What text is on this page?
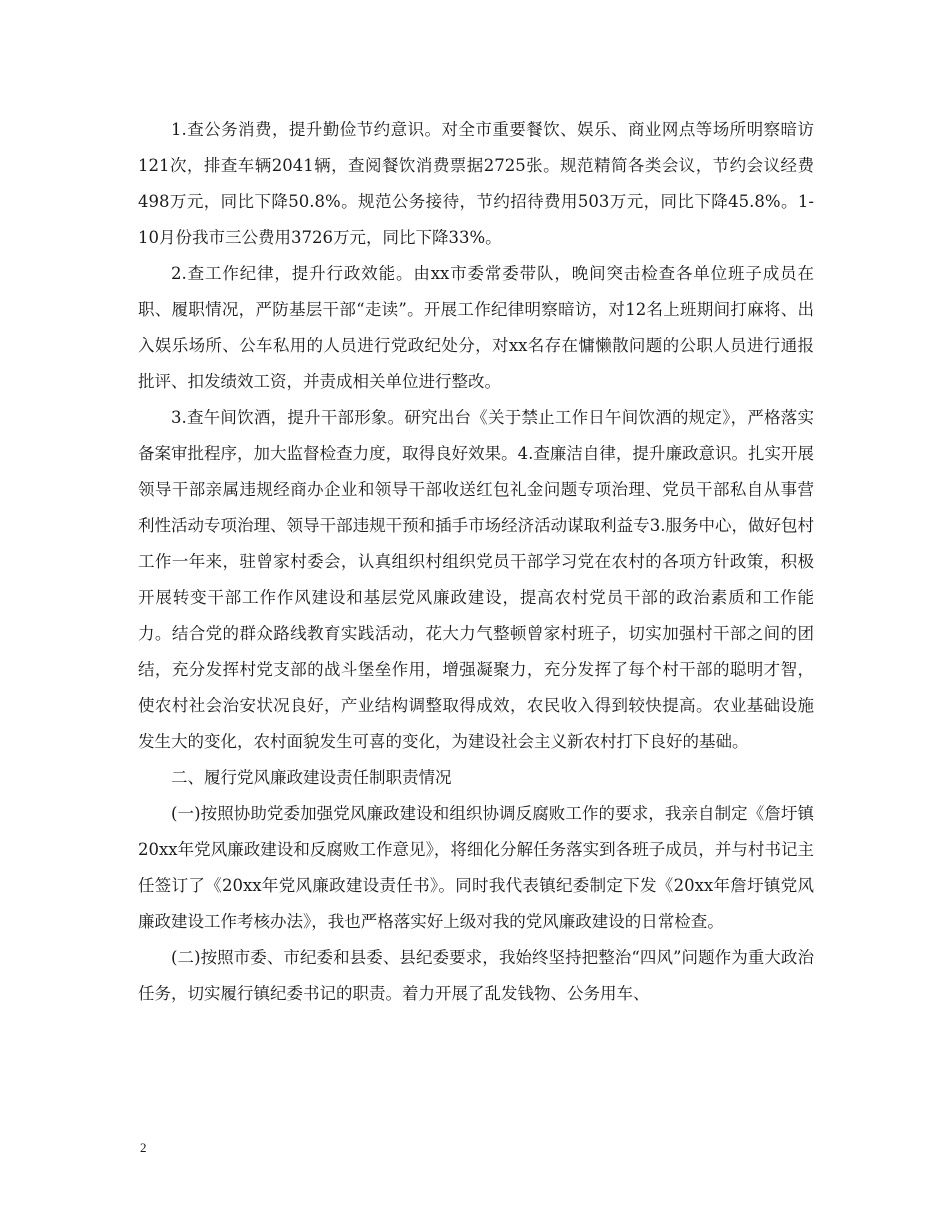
1.查公务消费，提升勤俭节约意识。对全市重要餐饮、娱乐、商业网点等场所明察暗访121次，排查车辆2041辆，查阅餐饮消费票据2725张。规范精简各类会议，节约会议经费498万元，同比下降50.8%。规范公务接待，节约招待费用503万元，同比下降45.8%。1-10月份我市三公费用3726万元，同比下降33%。

2.查工作纪律，提升行政效能。由xx市委常委带队，晚间突击检查各单位班子成员在职、履职情况，严防基层干部“走读”。开展工作纪律明察暗访，对12名上班期间打麻将、出入娱乐场所、公车私用的人员进行党政纪处分，对xx名存在慵懒散问题的公职人员进行通报批评、扣发绩效工资，并责成相关单位进行整改。

3.查午间饮酒，提升干部形象。研究出台《关于禁止工作日午间饮酒的规定》，严格落实备案审批程序，加大监督检查力度，取得良好效果。4.查廉洁自律，提升廉政意识。扎实开展领导干部亲属违规经商办企业和领导干部收送红包礼金问题专项治理、党员干部私自从事营利性活动专项治理、领导干部违规干预和插手市场经济活动谋取利益专3.服务中心，做好包村工作一年来，驻曾家村委会，认真组织村组织党员干部学习党在农村的各项方针政策，积极开展转变干部工作作风建设和基层党风廉政建设，提高农村党员干部的政治素质和工作能力。结合党的群众路线教育实践活动，花大力气整顿曾家村班子，切实加强村干部之间的团结，充分发挥村党支部的战斗堡垒作用，增强凝聚力，充分发挥了每个村干部的聪明才智，使农村社会治安状况良好，产业结构调整取得成效，农民收入得到较快提高。农业基础设施发生大的变化，农村面貌发生可喜的变化，为建设社会主义新农村打下良好的基础。

二、履行党风廉政建设责任制职责情况

(一)按照协助党委加强党风廉政建设和组织协调反腐败工作的要求，我亲自制定《詹圩镇20xx年党风廉政建设和反腐败工作意见》，将细化分解任务落实到各班子成员，并与村书记主任签订了《20xx年党风廉政建设责任书》。同时我代表镇纪委制定下发《20xx年詹圩镇党风廉政建设工作考核办法》，我也严格落实好上级对我的党风廉政建设的日常检查。

(二)按照市委、市纪委和县委、县纪委要求，我始终坚持把整治“四风”问题作为重大政治任务，切实履行镇纪委书记的职责。着力开展了乱发钱物、公务用车、

2
